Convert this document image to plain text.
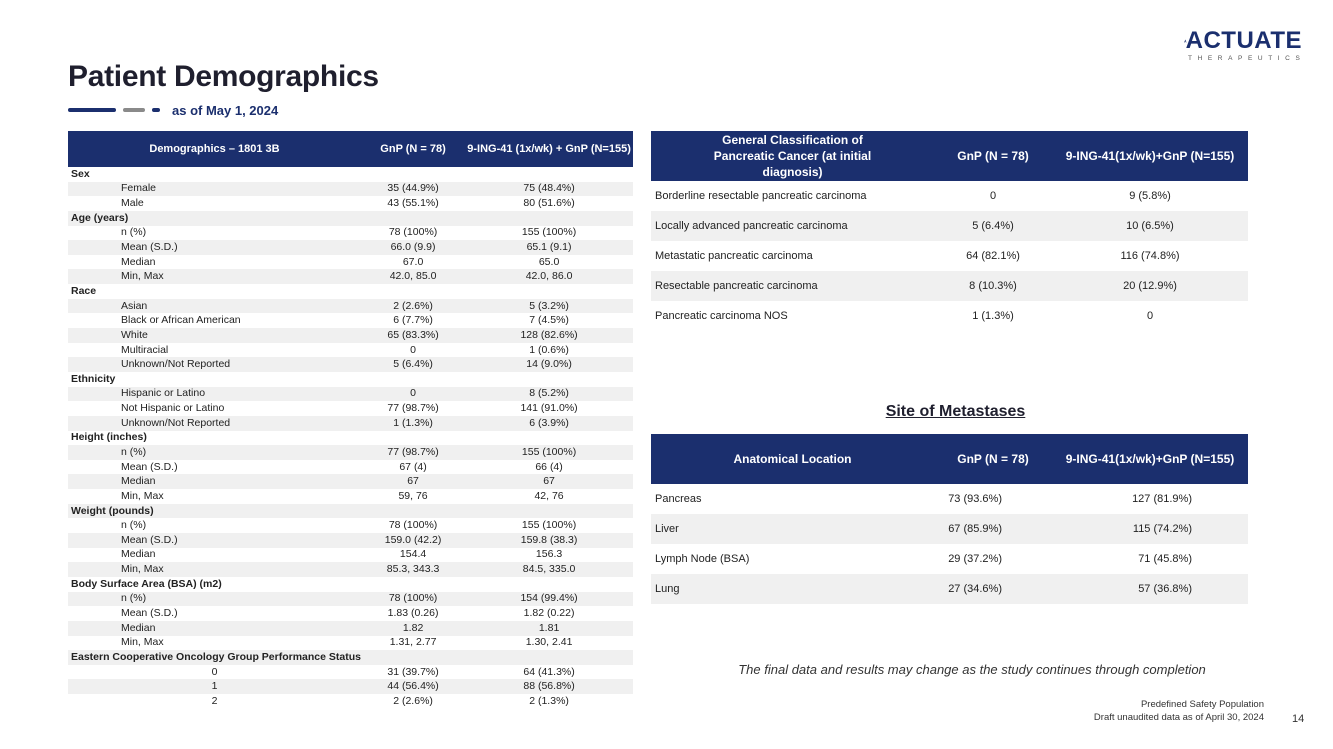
Patient Demographics
as of May 1, 2024
ACTUATE
THERAPEUTICS
Demographics – 1801 3B	GnP (N = 78)	9-ING-41 (1x/wk) + GnP (N=155)
Sex		
Female	35 (44.9%)	75 (48.4%)
Male	43 (55.1%)	80 (51.6%)
Age (years)		
n (%)	78 (100%)	155 (100%)
Mean (S.D.)	66.0 (9.9)	65.1 (9.1)
Median	67.0	65.0
Min, Max	42.0, 85.0	42.0, 86.0
Race		
Asian	2 (2.6%)	5 (3.2%)
Black or African American	6 (7.7%)	7 (4.5%)
White	65 (83.3%)	128 (82.6%)
Multiracial	0	1 (0.6%)
Unknown/Not Reported	5 (6.4%)	14 (9.0%)
Ethnicity		
Hispanic or Latino	0	8 (5.2%)
Not Hispanic or Latino	77 (98.7%)	141 (91.0%)
Unknown/Not Reported	1 (1.3%)	6 (3.9%)
Height (inches)		
n (%)	77 (98.7%)	155 (100%)
Mean (S.D.)	67 (4)	66 (4)
Median	67	67
Min, Max	59, 76	42, 76
Weight (pounds)		
n (%)	78 (100%)	155 (100%)
Mean (S.D.)	159.0 (42.2)	159.8 (38.3)
Median	154.4	156.3
Min, Max	85.3, 343.3	84.5, 335.0
Body Surface Area (BSA) (m2)		
n (%)	78 (100%)	154 (99.4%)
Mean (S.D.)	1.83 (0.26)	1.82 (0.22)
Median	1.82	1.81
Min, Max	1.31, 2.77	1.30, 2.41
Eastern Cooperative Oncology Group Performance Status		
0	31 (39.7%)	64 (41.3%)
1	44 (56.4%)	88 (56.8%)
2	2 (2.6%)	2 (1.3%)
General Classification of Pancreatic Cancer (at initial diagnosis)	GnP (N = 78)	9-ING-41(1x/wk)+GnP (N=155)
Borderline resectable pancreatic carcinoma	0	9 (5.8%)
Locally advanced pancreatic carcinoma	5 (6.4%)	10 (6.5%)
Metastatic pancreatic carcinoma	64 (82.1%)	116 (74.8%)
Resectable pancreatic carcinoma	8 (10.3%)	20 (12.9%)
Pancreatic carcinoma NOS	1 (1.3%)	0
Site of Metastases
Anatomical Location	GnP (N = 78)	9-ING-41(1x/wk)+GnP (N=155)
Pancreas	73 (93.6%)	127 (81.9%)
Liver	67 (85.9%)	115 (74.2%)
Lymph Node (BSA)	29 (37.2%)	71 (45.8%)
Lung	27 (34.6%)	57 (36.8%)
The final data and results may change as the study continues through completion
Predefined Safety Population
Draft unaudited data as of April 30, 2024	14
